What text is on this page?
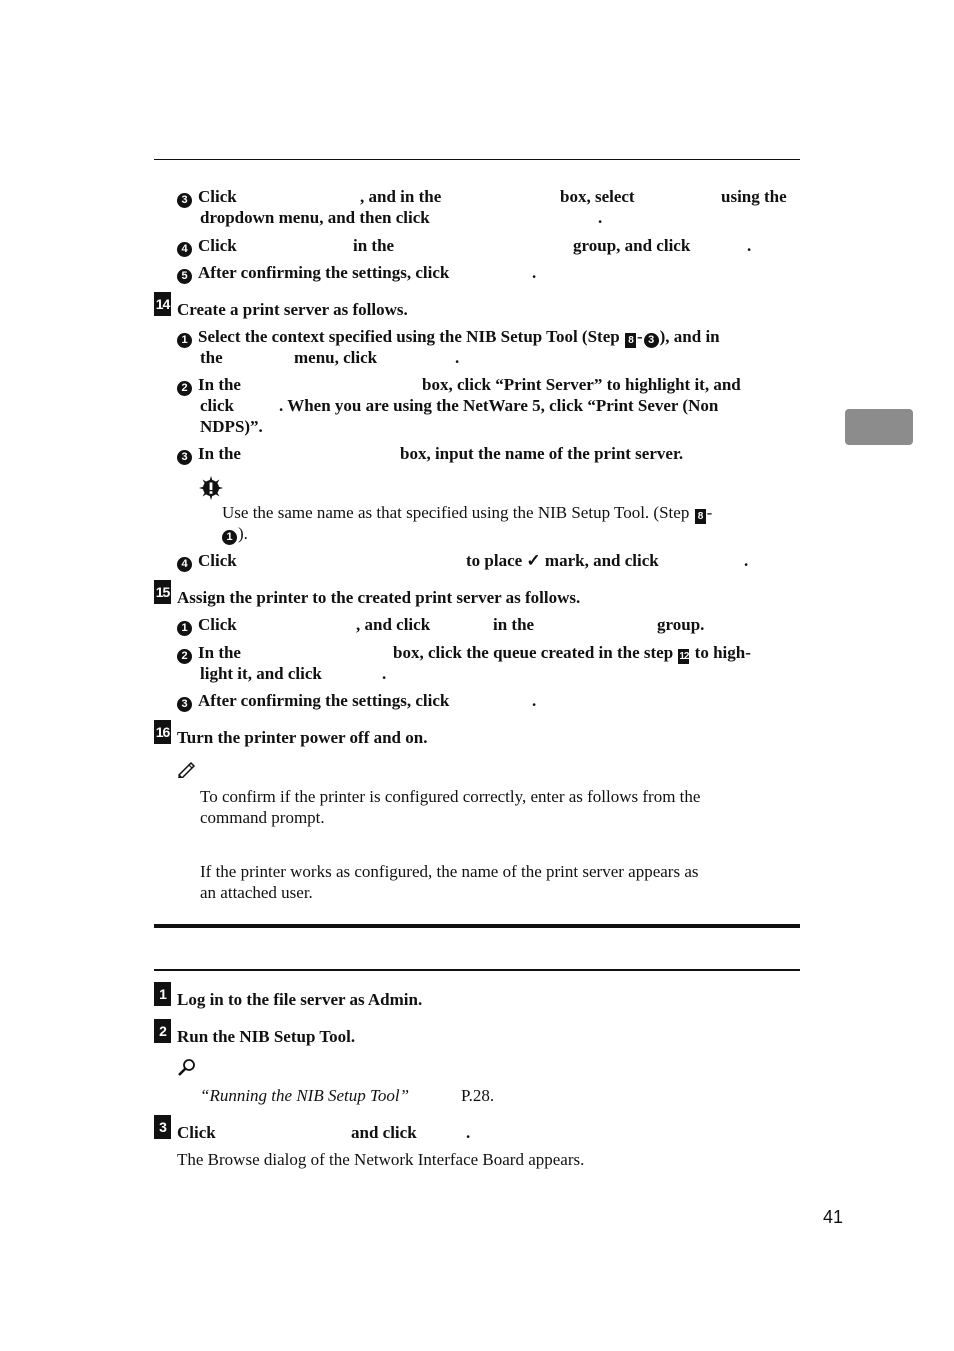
3 Click	, and in the	box, select	using the
dropdown menu, and then click	.
4 Click	in the	group, and click	.
5 After confirming the settings, click	.
14 Create a print server as follows.
1 Select the context specified using the NIB Setup Tool (Step 8 - 3 ), and in
the	menu, click	.
2 In the	box, click “Print Server” to highlight it, and
click	. When you are using the NetWare 5, click “Print Sever (Non
NDPS)”.
3 In the	box, input the name of the print server.
Use the same name as that specified using the NIB Setup Tool. (Step 8 -
1 ).
4 Click	to place ✓ mark, and click	.
15 Assign the printer to the created print server as follows.
1 Click	, and click	in the	group.
2 In the	box, click the queue created in the step 12 to high-
light it, and click	.
3 After confirming the settings, click	.
16 Turn the printer power off and on.
To confirm if the printer is configured correctly, enter as follows from the
command prompt.
If the printer works as configured, the name of the print server appears as
an attached user.
1 Log in to the file server as Admin.
2 Run the NIB Setup Tool.
“Running the NIB Setup Tool”	P.28.
3 Click	and click	.
The Browse dialog of the Network Interface Board appears.
41
